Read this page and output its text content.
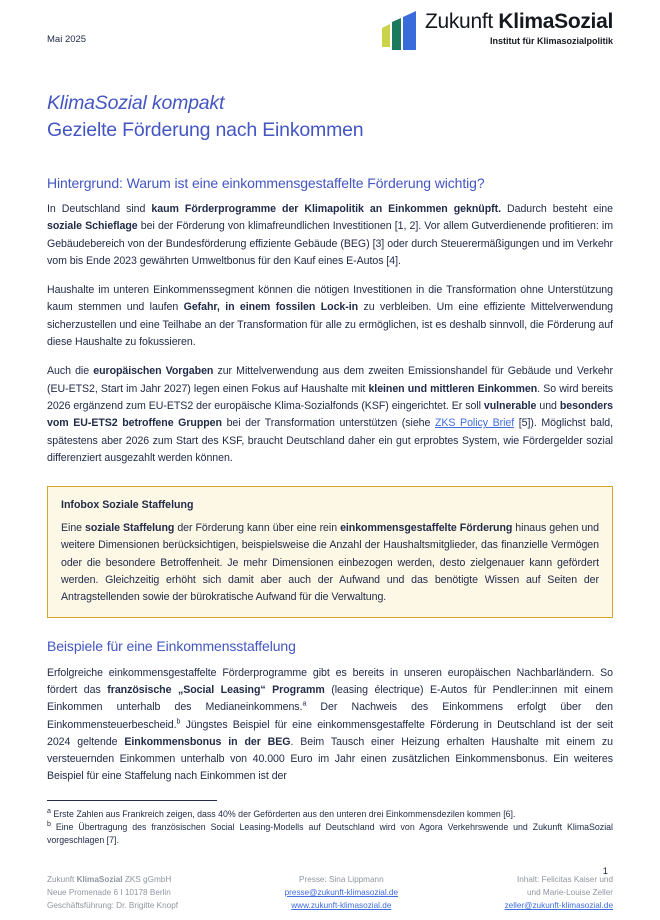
Mai 2025
Zukunft KlimaSozial
Institut für Klimasozialpolitik
KlimaSozial kompakt
Gezielte Förderung nach Einkommen
Hintergrund: Warum ist eine einkommensgestaffelte Förderung wichtig?

In Deutschland sind kaum Förderprogramme der Klimapolitik an Einkommen geknüpft. Dadurch besteht eine soziale Schieflage bei der Förderung von klimafreundlichen Investitionen [1, 2]. Vor allem Gutverdienende profitieren: im Gebäudebereich von der Bundesförderung effiziente Gebäude (BEG) [3] oder durch Steuerermäßigungen und im Verkehr vom bis Ende 2023 gewährten Umweltbonus für den Kauf eines E-Autos [4].

Haushalte im unteren Einkommenssegment können die nötigen Investitionen in die Transformation ohne Unterstützung kaum stemmen und laufen Gefahr, in einem fossilen Lock-in zu verbleiben. Um eine effiziente Mittelverwendung sicherzustellen und eine Teilhabe an der Transformation für alle zu ermöglichen, ist es deshalb sinnvoll, die Förderung auf diese Haushalte zu fokussieren.

Auch die europäischen Vorgaben zur Mittelverwendung aus dem zweiten Emissionshandel für Gebäude und Verkehr (EU-ETS2, Start im Jahr 2027) legen einen Fokus auf Haushalte mit kleinen und mittleren Einkommen. So wird bereits 2026 ergänzend zum EU-ETS2 der europäische Klima-Sozialfonds (KSF) eingerichtet. Er soll vulnerable und besonders vom EU-ETS2 betroffene Gruppen bei der Transformation unterstützen (siehe ZKS Policy Brief [5]). Möglichst bald, spätestens aber 2026 zum Start des KSF, braucht Deutschland daher ein gut erprobtes System, wie Fördergelder sozial differenziert ausgezahlt werden können.

Infobox Soziale Staffelung

Eine soziale Staffelung der Förderung kann über eine rein einkommensgestaffelte Förderung hinaus gehen und weitere Dimensionen berücksichtigen, beispielsweise die Anzahl der Haushaltsmitglieder, das finanzielle Vermögen oder die besondere Betroffenheit. Je mehr Dimensionen einbezogen werden, desto zielgenauer kann gefördert werden. Gleichzeitig erhöht sich damit aber auch der Aufwand und das benötigte Wissen auf Seiten der Antragstellenden sowie der bürokratische Aufwand für die Verwaltung.

Beispiele für eine Einkommensstaffelung

Erfolgreiche einkommensgestaffelte Förderprogramme gibt es bereits in unseren europäischen Nachbarländern. So fördert das französische „Social Leasing“ Programm (leasing électrique) E-Autos für Pendler:innen mit einem Einkommen unterhalb des Medianeinkommens.$^a$ Der Nachweis des Einkommens erfolgt über den Einkommensteuerbescheid.$^b$ Jüngstes Beispiel für eine einkommensgestaffelte Förderung in Deutschland ist der seit 2024 geltende Einkommensbonus in der BEG. Beim Tausch einer Heizung erhalten Haushalte mit einem zu versteuernden Einkommen unterhalb von 40.000 Euro im Jahr einen zusätzlichen Einkommensbonus. Ein weiteres Beispiel für eine Staffelung nach Einkommen ist der

$^a$ Erste Zahlen aus Frankreich zeigen, dass 40% der Geförderten aus den unteren drei Einkommensdezilen kommen [6].
$^b$ Eine Übertragung des französischen Social Leasing-Modells auf Deutschland wird von Agora Verkehrswende und Zukunft KlimaSozial vorgeschlagen [7].
1
Zukunft KlimaSozial ZKS gGmbH
Neue Promenade 6 I 10178 Berlin
Geschäftsführung: Dr. Brigitte Knopf
Presse: Sina Lippmann
presse@zukunft-klimasozial.de
www.zukunft-klimasozial.de
Inhalt: Felicitas Kaiser und
und Marie-Louise Zeller
zeller@zukunft-klimasozial.de
